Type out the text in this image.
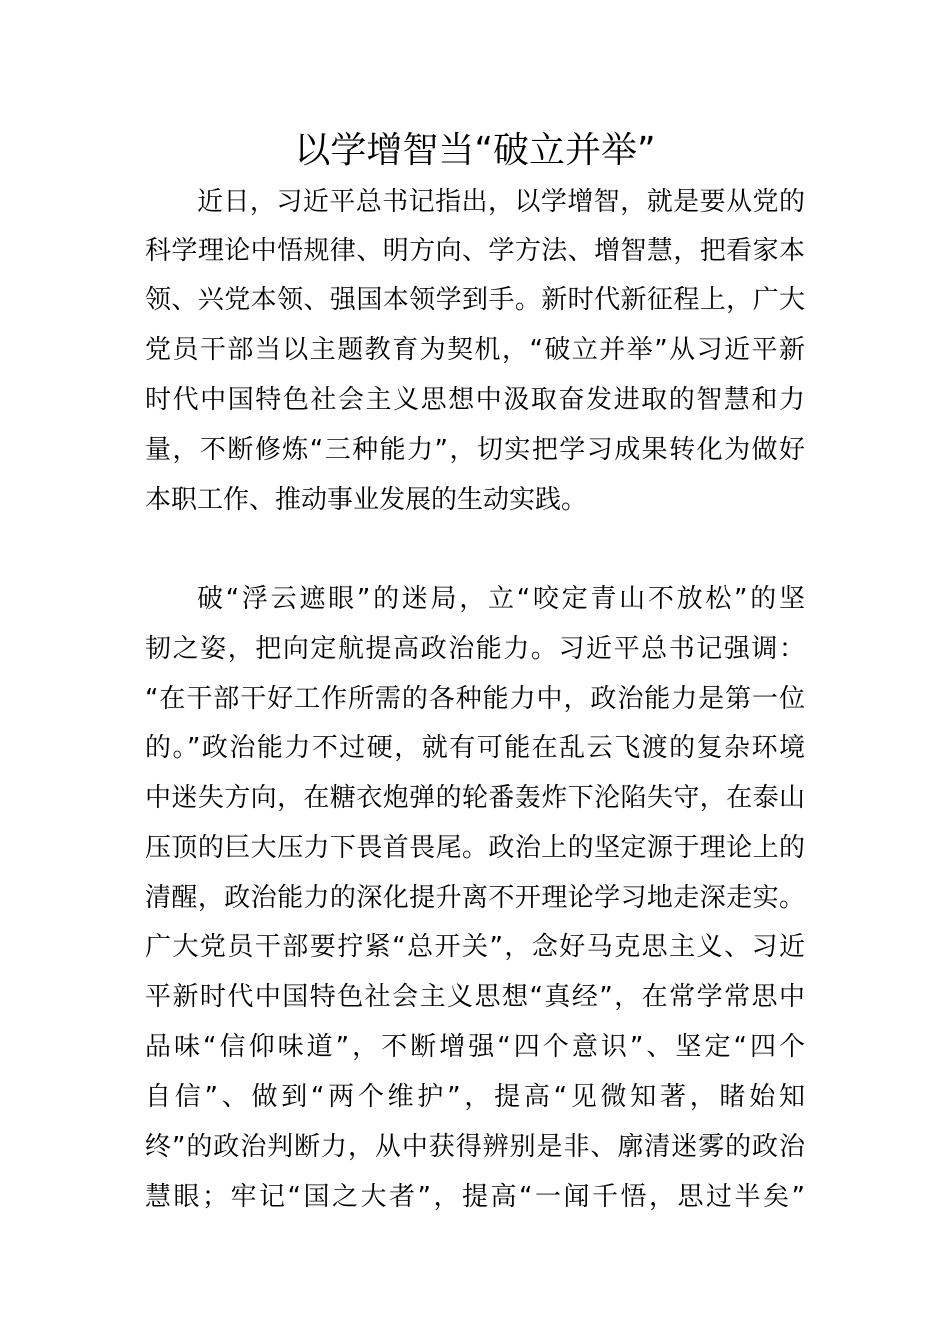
以学增智当“破立并举”
近日，习近平总书记指出，以学增智，就是要从党的
科学理论中悟规律、明方向、学方法、增智慧，把看家本
领、兴党本领、强国本领学到手。新时代新征程上，广大
党员干部当以主题教育为契机，“破立并举”从习近平新
时代中国特色社会主义思想中汲取奋发进取的智慧和力
量，不断修炼“三种能力”，切实把学习成果转化为做好
本职工作、推动事业发展的生动实践。
破“浮云遮眼”的迷局，立“咬定青山不放松”的坚
韧之姿，把向定航提高政治能力。习近平总书记强调：
“在干部干好工作所需的各种能力中，政治能力是第一位
的。”政治能力不过硬，就有可能在乱云飞渡的复杂环境
中迷失方向，在糖衣炮弹的轮番轰炸下沦陷失守，在泰山
压顶的巨大压力下畏首畏尾。政治上的坚定源于理论上的
清醒，政治能力的深化提升离不开理论学习地走深走实。
广大党员干部要拧紧“总开关”，念好马克思主义、习近
平新时代中国特色社会主义思想“真经”，在常学常思中
品味“信仰味道”，不断增强“四个意识”、坚定“四个
自信”、做到“两个维护”，提高“见微知著，睹始知
终”的政治判断力，从中获得辨别是非、廓清迷雾的政治
慧眼；牢记“国之大者”，提高“一闻千悟，思过半矣”
